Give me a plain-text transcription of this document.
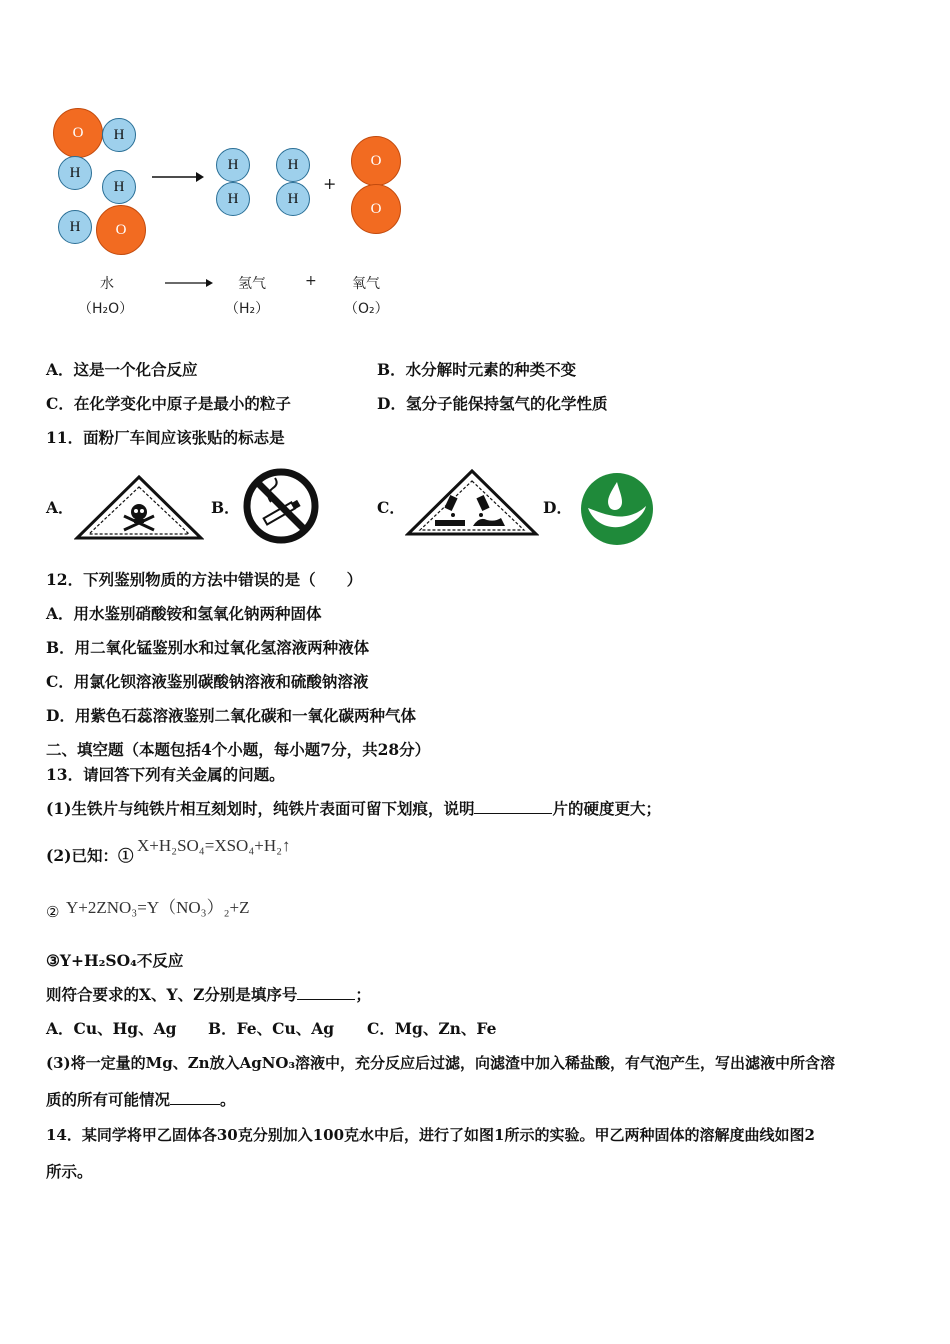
O	H
H
H
H	O
H
H
H
H
+
O
O
水	氢气	+	氧气
（H₂O）	（H₂）	（O₂）
A．这是一个化合反应	B．水分解时元素的种类不变
C．在化学变化中原子是最小的粒子	D．氢分子能保持氢气的化学性质
11．面粉厂车间应该张贴的标志是
A．	B．	C．	D．
12．下列鉴别物质的方法中错误的是（　　）
A．用水鉴别硝酸铵和氢氧化钠两种固体
B．用二氧化锰鉴别水和过氧化氢溶液两种液体
C．用氯化钡溶液鉴别碳酸钠溶液和硫酸钠溶液
D．用紫色石蕊溶液鉴别二氧化碳和一氧化碳两种气体
二、填空题（本题包括4个小题，每小题7分，共28分）
13．请回答下列有关金属的问题。
(1)生铁片与纯铁片相互刻划时，纯铁片表面可留下划痕，说明	片的硬度更大；
(2)已知：①
X+H₂SO₄=XSO₄+H₂↑
② Y+2ZNO₃=Y（NO₃）₂+Z
③Y+H₂SO₄不反应
则符合要求的X、Y、Z分别是填序号	；
A．Cu、Hg、Ag B．Fe、Cu、Ag C．Mg、Zn、Fe
(3)将一定量的Mg、Zn放入AgNO₃溶液中，充分反应后过滤，向滤渣中加入稀盐酸，有气泡产生，写出滤液中所含溶
质的所有可能情况	。
14．某同学将甲乙固体各30克分别加入100克水中后，进行了如图1所示的实验。甲乙两种固体的溶解度曲线如图2
所示。
